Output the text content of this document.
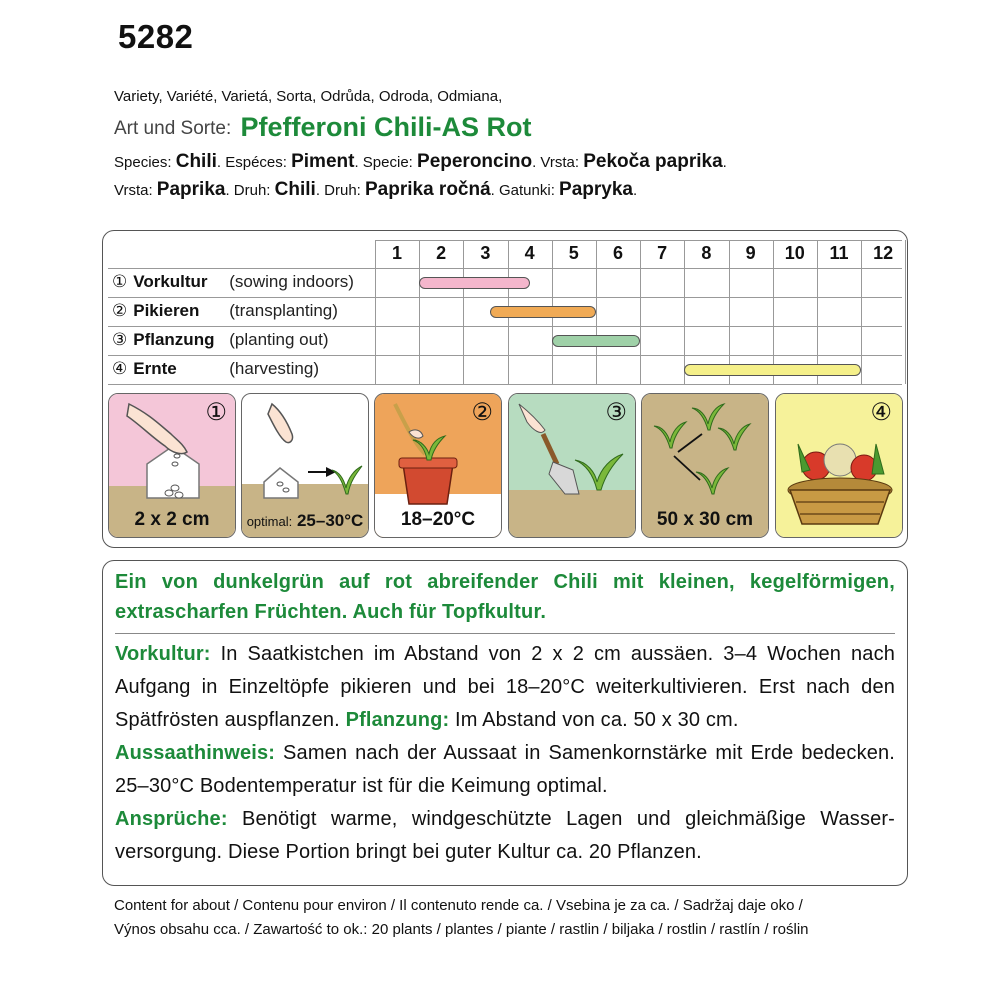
5282
Variety, Variété, Varietá, Sorta, Odrůda, Odroda, Odmiana,
Art und Sorte: Pfefferoni Chili-AS Rot
Species: Chili. Espéces: Piment. Specie: Peperoncino. Vrsta: Pekoča paprika.
Vrsta: Paprika. Druh: Chili. Druh: Paprika ročná. Gatunki: Papryka.
1	2	3	4	5	6	7	8	9	10	11	12
① Vorkultur (sowing indoors)
② Pikieren (transplanting)
③ Pflanzung (planting out)
④ Ernte	(harvesting)
①
2 x 2 cm	optimal: 25–30°C
②
18–20°C
③
50 x 30 cm
④
Ein von dunkelgrün auf rot abreifender Chili mit kleinen, kegelförmigen, extrascharfen Früchten. Auch für Topfkultur.
Vorkultur: In Saatkistchen im Abstand von 2 x 2 cm aussäen. 3–4 Wochen nach Aufgang in Einzeltöpfe pikieren und bei 18–20°C weiterkultivieren. Erst nach den Spätfrösten auspflanzen. Pflanzung: Im Abstand von ca. 50 x 30 cm.
Aussaathinweis: Samen nach der Aussaat in Samenkornstärke mit Erde bedecken. 25–30°C Bodentemperatur ist für die Keimung optimal.
Ansprüche: Benötigt warme, windgeschützte Lagen und gleichmäßige Wasser-versorgung. Diese Portion bringt bei guter Kultur ca. 20 Pflanzen.
Content for about / Contenu pour environ / Il contenuto rende ca. / Vsebina je za ca. / Sadržaj daje oko /
Výnos obsahu cca. / Zawartość to ok.: 20 plants / plantes / piante / rastlin / biljaka / rostlin / rastlín / roślin
